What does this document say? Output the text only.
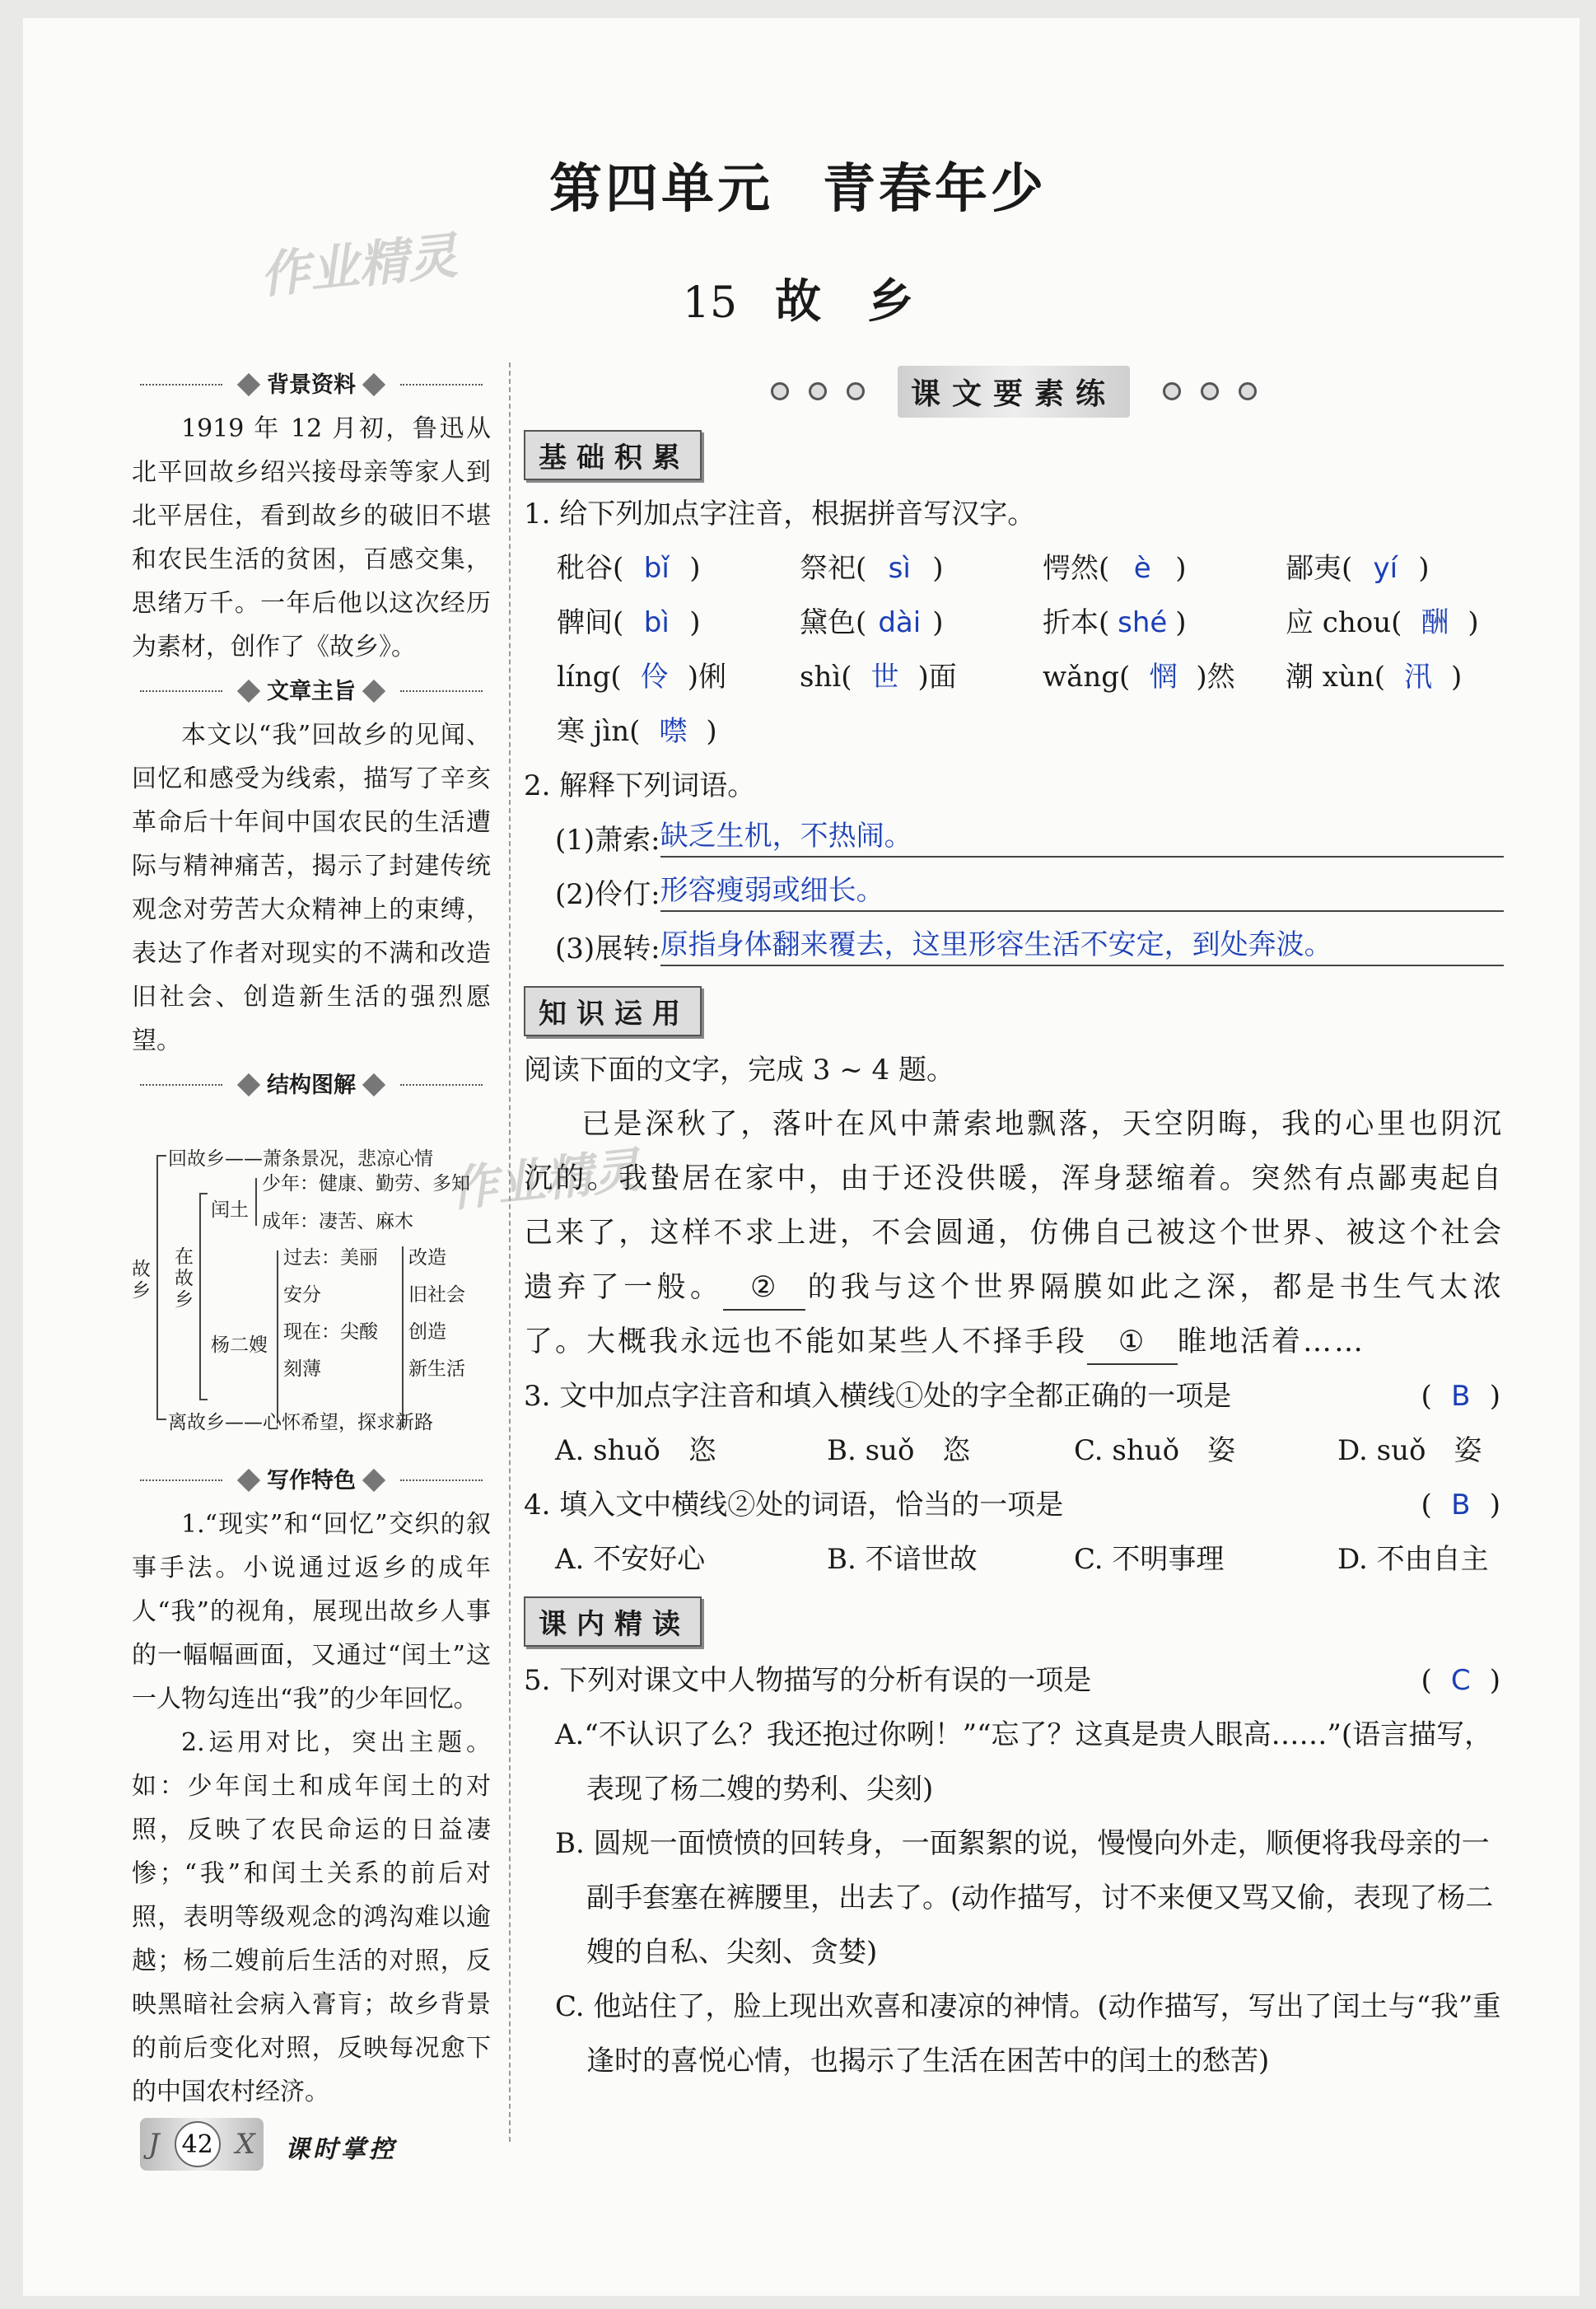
第四单元 青春年少
15 故　乡
作业精灵
作业精灵
背景资料

1919 年 12 月初，鲁迅从北平回故乡绍兴接母亲等家人到北平居住，看到故乡的破旧不堪和农民生活的贫困，百感交集，思绪万千。一年后他以这次经历为素材，创作了《故乡》。

文章主旨

本文以“我”回故乡的见闻、回忆和感受为线索，描写了辛亥革命后十年间中国农民的生活遭际与精神痛苦，揭示了封建传统观念对劳苦大众精神上的束缚，表达了作者对现实的不满和改造旧社会、创造新生活的强烈愿望。

结构图解
写作特色

1.“现实”和“回忆”交织的叙事手法。小说通过返乡的成年人“我”的视角，展现出故乡人事的一幅幅画面，又通过“闰土”这一人物勾连出“我”的少年回忆。

2.运用对比，突出主题。如：少年闰土和成年闰土的对照，反映了农民命运的日益凄惨；“我”和闰土关系的前后对照，表明等级观念的鸿沟难以逾越；杨二嫂前后生活的对照，反映黑暗社会病入膏肓；故乡背景的前后变化对照，反映每况愈下的中国农村经济。

故乡
回故乡——萧条景况，悲凉心情
在故乡
闰土
少年：健康、勤劳、多知
成年：凄苦、麻木
杨二嫂
过去：美丽
安分
现在：尖酸
刻薄
改造
旧社会
创造
新生活
离故乡——心怀希望，探求新路
课文要素练
基础积累
1. 给下列加点字注音，根据拼音写汉字。
秕谷( bǐ )	祭祀( sì )	愕然( è )	鄙夷( yí )
髀间( bì )	黛色( dài )	折本( shé )	应 chou( 酬 )
líng( 伶 )俐	shì( 世 )面	wǎng( 惘 )然	潮 xùn( 汛 )
寒 jìn( 噤 )
2. 解释下列词语。
(1)萧索: 缺乏生机，不热闹。
(2)伶仃: 形容瘦弱或细长。
(3)展转: 原指身体翻来覆去，这里形容生活不安定，到处奔波。
知识运用
阅读下面的文字，完成 3 ~ 4 题。
已是深秋了，落叶在风中萧索地飘落，天空阴晦，我的心里也阴沉沉的。我蛰居在家中，由于还没供暖，浑身瑟缩着。突然有点鄙夷起自己来了，这样不求上进，不会圆通，仿佛自己被这个世界、被这个社会遗弃了一般。 ② 的我与这个世界隔膜如此之深，都是书生气太浓了。大概我永远也不能如某些人不择手段 ① 睢地活着……
3. 文中加点字注音和填入横线①处的字全都正确的一项是	( B )
A. shuǒ　恣	B. suǒ　恣	C. shuǒ　姿	D. suǒ　姿
4. 填入文中横线②处的词语，恰当的一项是	( B )
A. 不安好心	B. 不谙世故	C. 不明事理	D. 不由自主
课内精读
5. 下列对课文中人物描写的分析有误的一项是	( C )
A.“不认识了么？我还抱过你咧！”“忘了？这真是贵人眼高……”(语言描写，表现了杨二嫂的势利、尖刻)
B. 圆规一面愤愤的回转身，一面絮絮的说，慢慢向外走，顺便将我母亲的一副手套塞在裤腰里，出去了。(动作描写，讨不来便又骂又偷，表现了杨二嫂的自私、尖刻、贪婪)
C. 他站住了，脸上现出欢喜和凄凉的神情。(动作描写，写出了闰土与“我”重逢时的喜悦心情，也揭示了生活在困苦中的闰土的愁苦)
J 42 X 课时掌控
